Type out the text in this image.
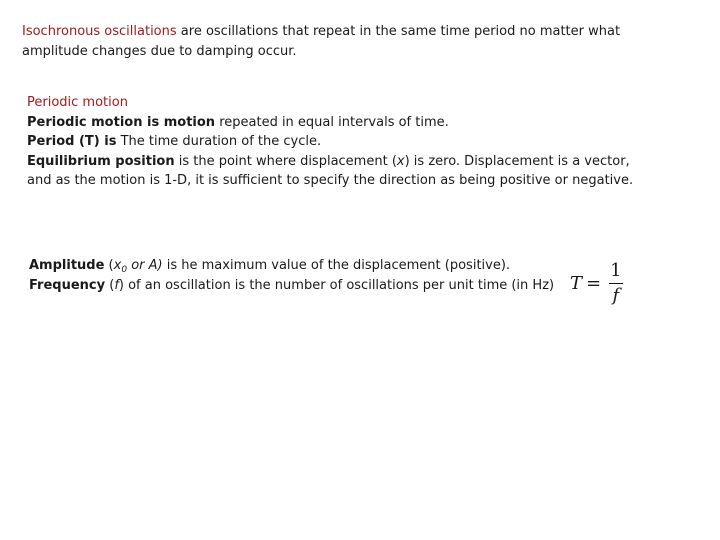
Isochronous oscillations are oscillations that repeat in the same time period no matter what
amplitude changes due to damping occur.
Periodic motion
Periodic motion is motion repeated in equal intervals of time.
Period (T) is The time duration of the cycle.
Equilibrium position is the point where displacement (x) is zero. Displacement is a vector,
and as the motion is 1-D, it is sufficient to specify the direction as being positive or negative.
Amplitude ($x_0$ or A) is he maximum value of the displacement (positive).
Frequency (f) of an oscillation is the number of oscillations per unit time (in Hz) $T = \frac{1}{f}$
